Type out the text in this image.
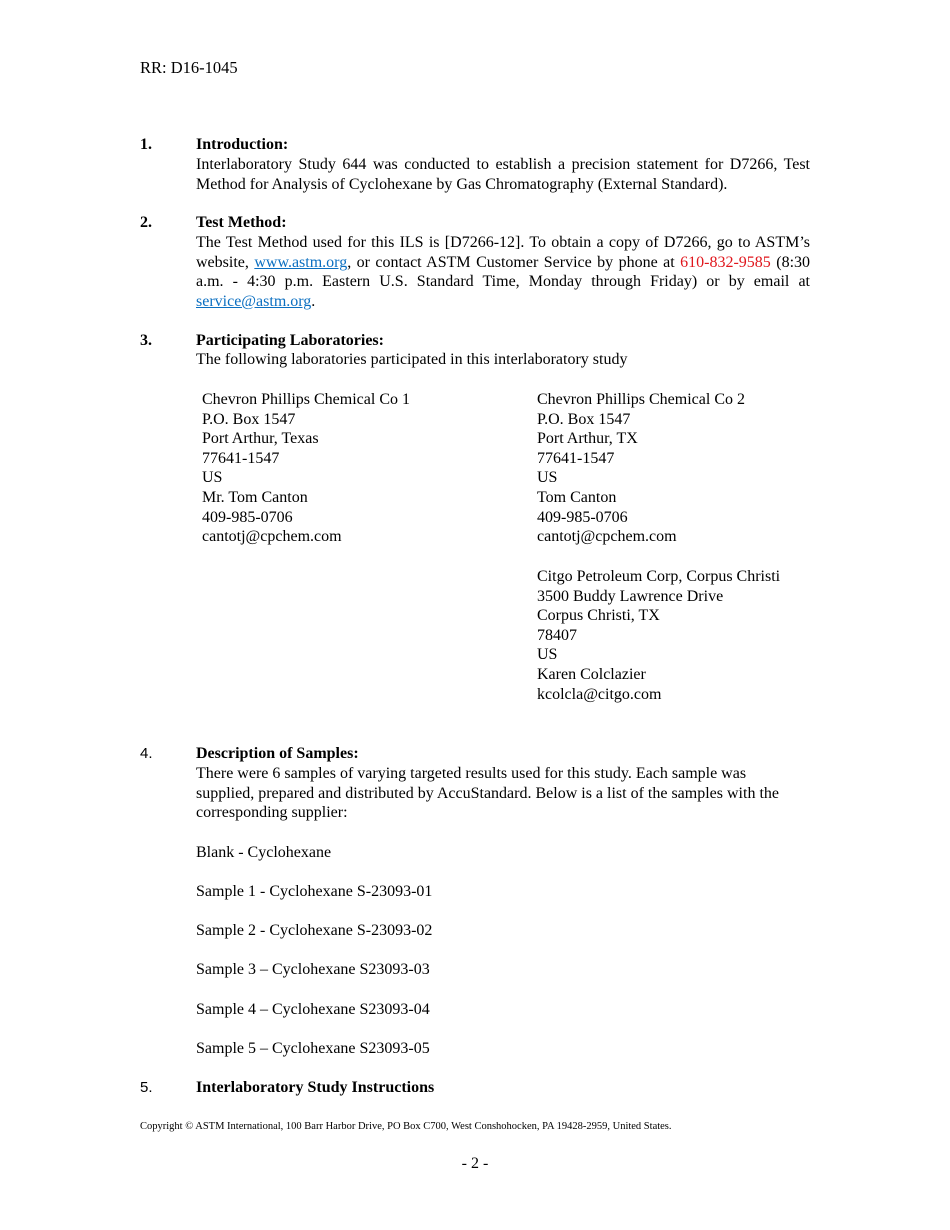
RR: D16-1045
1.	Introduction:
Interlaboratory Study 644 was conducted to establish a precision statement for D7266, Test Method for Analysis of Cyclohexane by Gas Chromatography (External Standard).
2.	Test Method:
The Test Method used for this ILS is [D7266-12]. To obtain a copy of D7266, go to ASTM’s website, www.astm.org, or contact ASTM Customer Service by phone at 610-832-9585 (8:30 a.m. - 4:30 p.m. Eastern U.S. Standard Time, Monday through Friday) or by email at service@astm.org.
3.	Participating Laboratories:
The following laboratories participated in this interlaboratory study
Chevron Phillips Chemical Co 1
P.O. Box 1547
Port Arthur, Texas
77641-1547
US
Mr. Tom Canton
409-985-0706
cantotj@cpchem.com
Chevron Phillips Chemical Co 2
P.O. Box 1547
Port Arthur, TX
77641-1547
US
Tom Canton
409-985-0706
cantotj@cpchem.com
Citgo Petroleum Corp, Corpus Christi
3500 Buddy Lawrence Drive
Corpus Christi, TX
78407
US
Karen Colclazier
kcolcla@citgo.com
4.	Description of Samples:
There were 6 samples of varying targeted results used for this study. Each sample was supplied, prepared and distributed by AccuStandard. Below is a list of the samples with the corresponding supplier:
Blank - Cyclohexane
Sample 1 - Cyclohexane S-23093-01
Sample 2 - Cyclohexane S-23093-02
Sample 3 – Cyclohexane S23093-03
Sample 4 – Cyclohexane S23093-04
Sample 5 – Cyclohexane S23093-05
5.	Interlaboratory Study Instructions
Copyright © ASTM International, 100 Barr Harbor Drive, PO Box C700, West Conshohocken, PA 19428-2959, United States.
- 2 -
